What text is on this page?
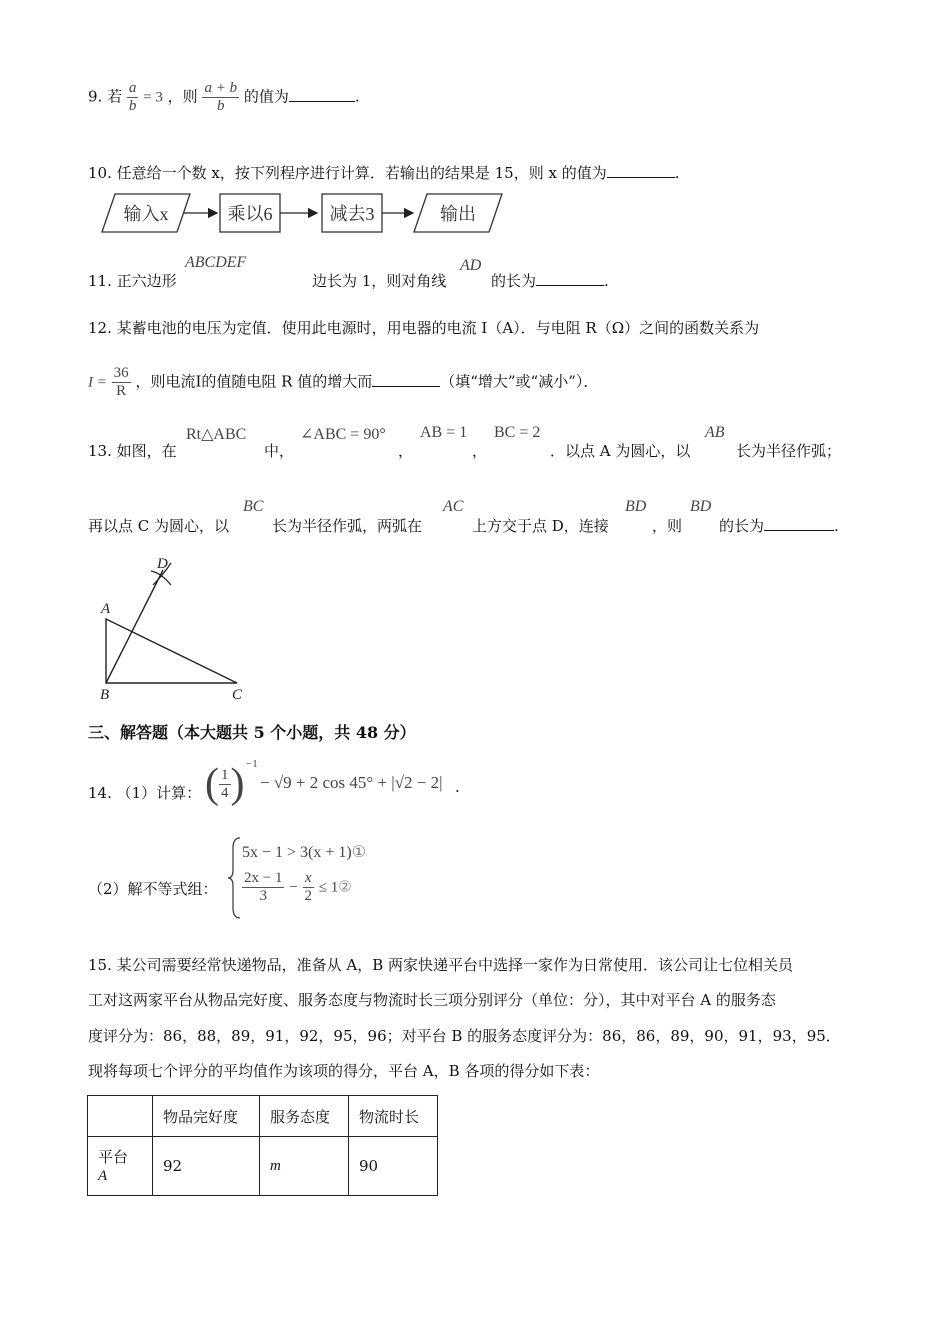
9. 若 $\frac{a}{b} = 3$ ，则 $\frac{a + b}{b}$ 的值为	.
10. 任意给一个数 x，按下列程序进行计算．若输出的结果是 15，则 x 的值为	.
输入x	乘以6	减去3	输出
11. 正六边形
ABCDEF
边长为 1，则对角线
AD
的长为	.
12. 某蓄电池的电压为定值．使用此电源时，用电器的电流 I（A）．与电阻 R（Ω）之间的函数关系为
$I = \frac{36}{R}$ ，则电流I的值随电阻 R 值的增大而	（填“增大”或“减小”）．
13. 如图，在
Rt△ABC
中，
∠ABC = 90°
，
AB = 1
，
BC = 2
．以点 A 为圆心，以
AB
长为半径作弧；
再以点 C 为圆心，以
BC
长为半径作弧，两弧在
AC
上方交于点 D，连接
BD
，则
BD
的长为	.
D
A
B	C
三、解答题（本大题共 5 个小题，共 48 分）
14. （1）计算： ( $\frac{1}{4}$ ) −1
− √9 + 2 cos 45° + |√2 − 2| .
（2）解不等式组：
5x − 1 > 3(x + 1)①
$\frac{2x - 1}{3} - \frac{x}{2}$ ≤ 1②
15. 某公司需要经常快递物品，准备从 A，B 两家快递平台中选择一家作为日常使用．该公司让七位相关员
工对这两家平台从物品完好度、服务态度与物流时长三项分别评分（单位：分），其中对平台 A 的服务态
度评分为：86，88，89，91，92，95，96；对平台 B 的服务态度评分为：86，86，89，90，91，93，95．
现将每项七个评分的平均值作为该项的得分，平台 A，B 各项的得分如下表：
	物品完好度	服务态度	物流时长
平台
A	92	m	90
